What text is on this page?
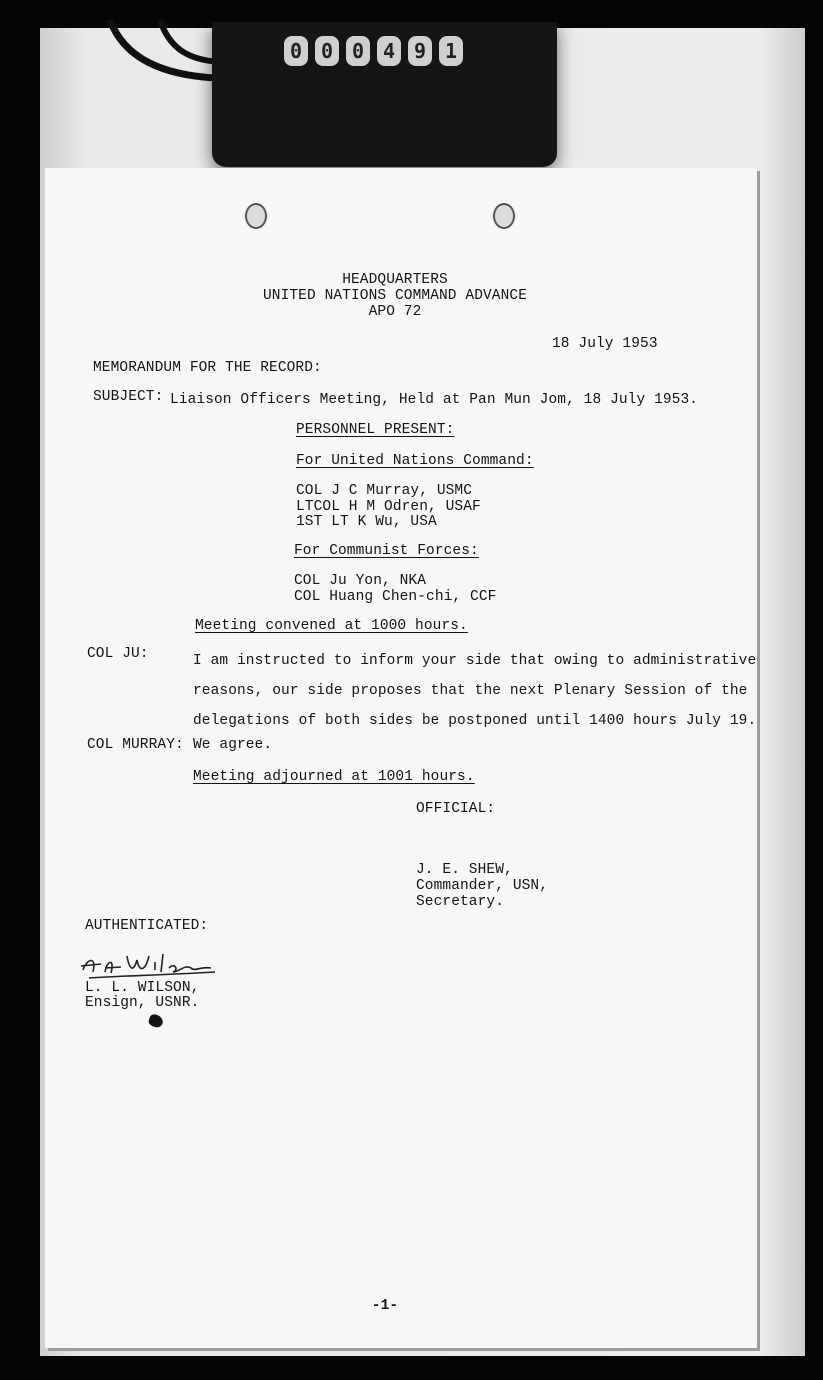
0 0 0 4 9 1
HEADQUARTERS
UNITED NATIONS COMMAND ADVANCE
APO 72
18 July 1953
MEMORANDUM FOR THE RECORD:
SUBJECT: Liaison Officers Meeting, Held at Pan Mun Jom, 18 July 1953.
PERSONNEL PRESENT:
For United Nations Command:
COL J C Murray, USMC
LTCOL H M Odren, USAF
1ST LT K Wu, USA
For Communist Forces:
COL Ju Yon, NKA
COL Huang Chen-chi, CCF
Meeting convened at 1000 hours.
COL JU:	I am instructed to inform your side that owing to administrative
reasons, our side proposes that the next Plenary Session of the
delegations of both sides be postponed until 1400 hours July 19.
COL MURRAY: We agree.
Meeting adjourned at 1001 hours.
OFFICIAL:
J. E. SHEW,
Commander, USN,
Secretary.
AUTHENTICATED:
L. L. WILSON,
Ensign, USNR.
-1-
